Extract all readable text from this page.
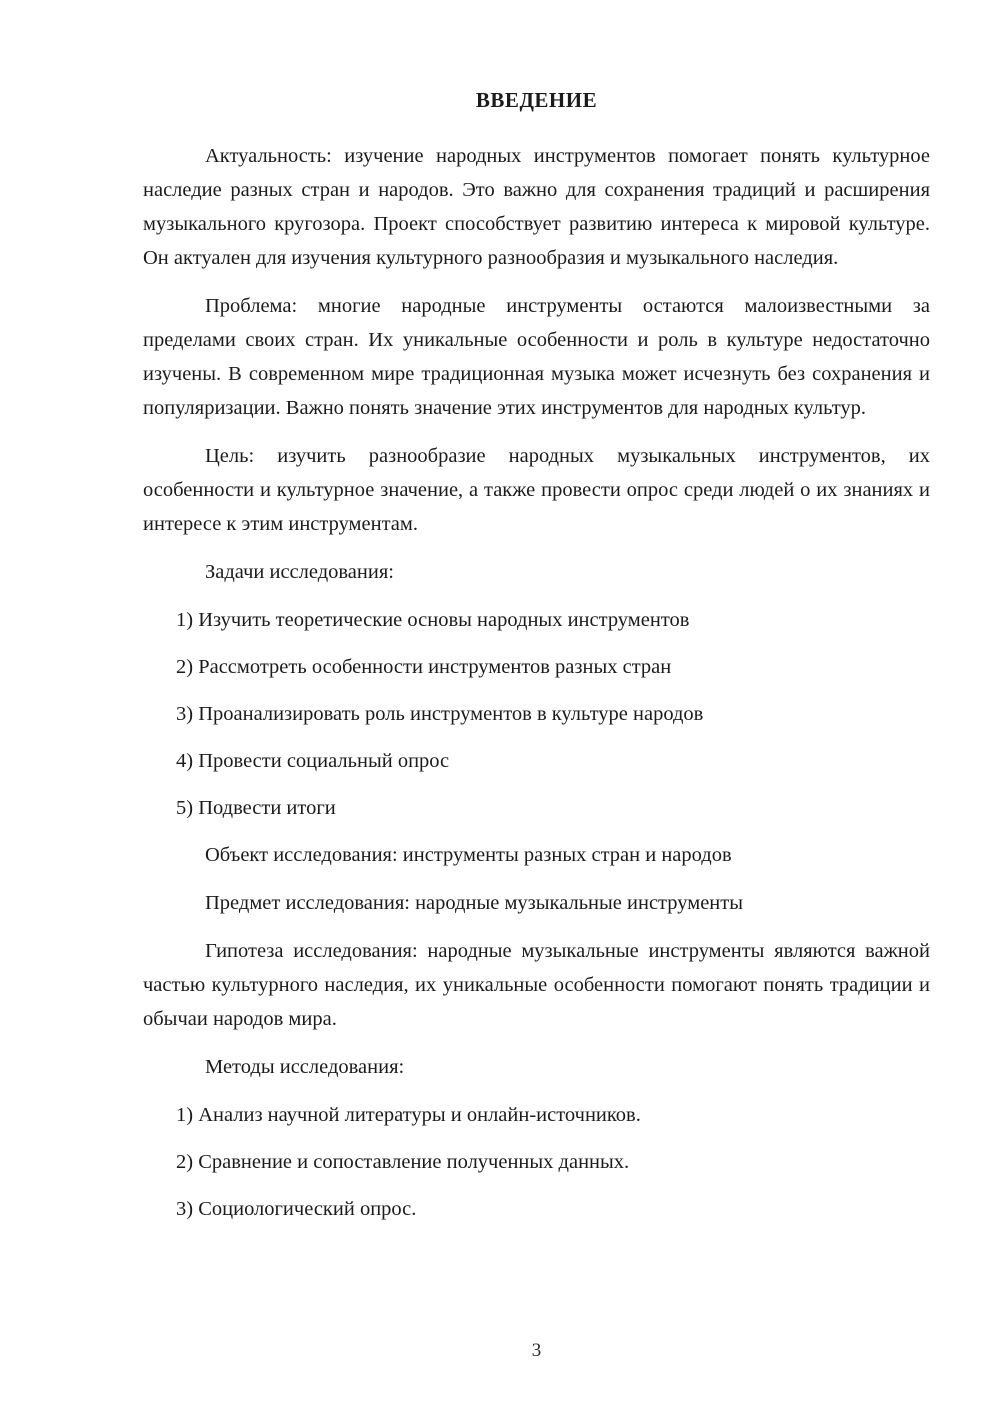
ВВЕДЕНИЕ

Актуальность: изучение народных инструментов помогает понять культурное наследие разных стран и народов. Это важно для сохранения традиций и расширения музыкального кругозора. Проект способствует развитию интереса к мировой культуре. Он актуален для изучения культурного разнообразия и музыкального наследия.

Проблема: многие народные инструменты остаются малоизвестными за пределами своих стран. Их уникальные особенности и роль в культуре недостаточно изучены. В современном мире традиционная музыка может исчезнуть без сохранения и популяризации. Важно понять значение этих инструментов для народных культур.

Цель: изучить разнообразие народных музыкальных инструментов, их особенности и культурное значение, а также провести опрос среди людей о их знаниях и интересе к этим инструментам.

Задачи исследования:

1) Изучить теоретические основы народных инструментов

2) Рассмотреть особенности инструментов разных стран

3) Проанализировать роль инструментов в культуре народов

4) Провести социальный опрос

5) Подвести итоги

Объект исследования: инструменты разных стран и народов

Предмет исследования: народные музыкальные инструменты

Гипотеза исследования: народные музыкальные инструменты являются важной частью культурного наследия, их уникальные особенности помогают понять традиции и обычаи народов мира.

Методы исследования:

1) Анализ научной литературы и онлайн-источников.

2) Сравнение и сопоставление полученных данных.

3) Социологический опрос.

3
